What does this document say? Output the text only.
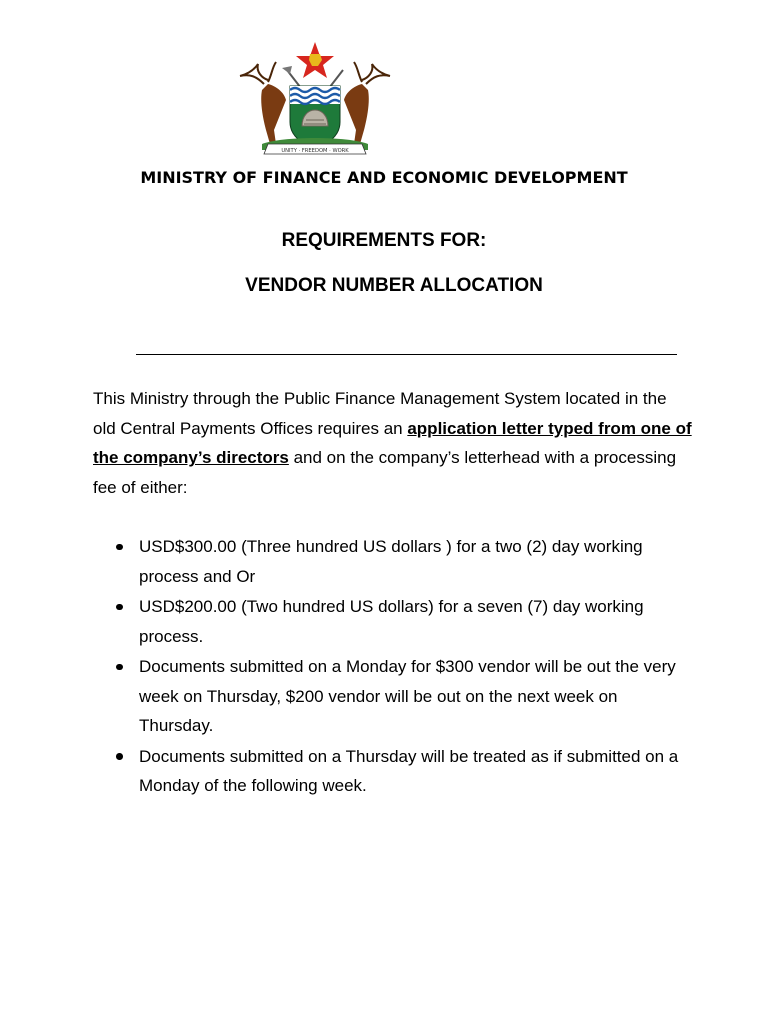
UNITY · FREEDOM · WORK
MINISTRY OF FINANCE AND ECONOMIC DEVELOPMENT
REQUIREMENTS FOR:
VENDOR NUMBER ALLOCATION

This Ministry through the Public Finance Management System located in the old Central Payments Offices requires an application letter typed from one of the company’s directors and on the company’s letterhead with a processing fee of either:

USD$300.00 (Three hundred US dollars ) for a two (2) day working process and Or
USD$200.00 (Two hundred US dollars) for a seven (7) day working process.
Documents submitted on a Monday for $300 vendor will be out the very week on Thursday, $200 vendor will be out on the next week on Thursday.
Documents submitted on a Thursday will be treated as if submitted on a Monday of the following week.
